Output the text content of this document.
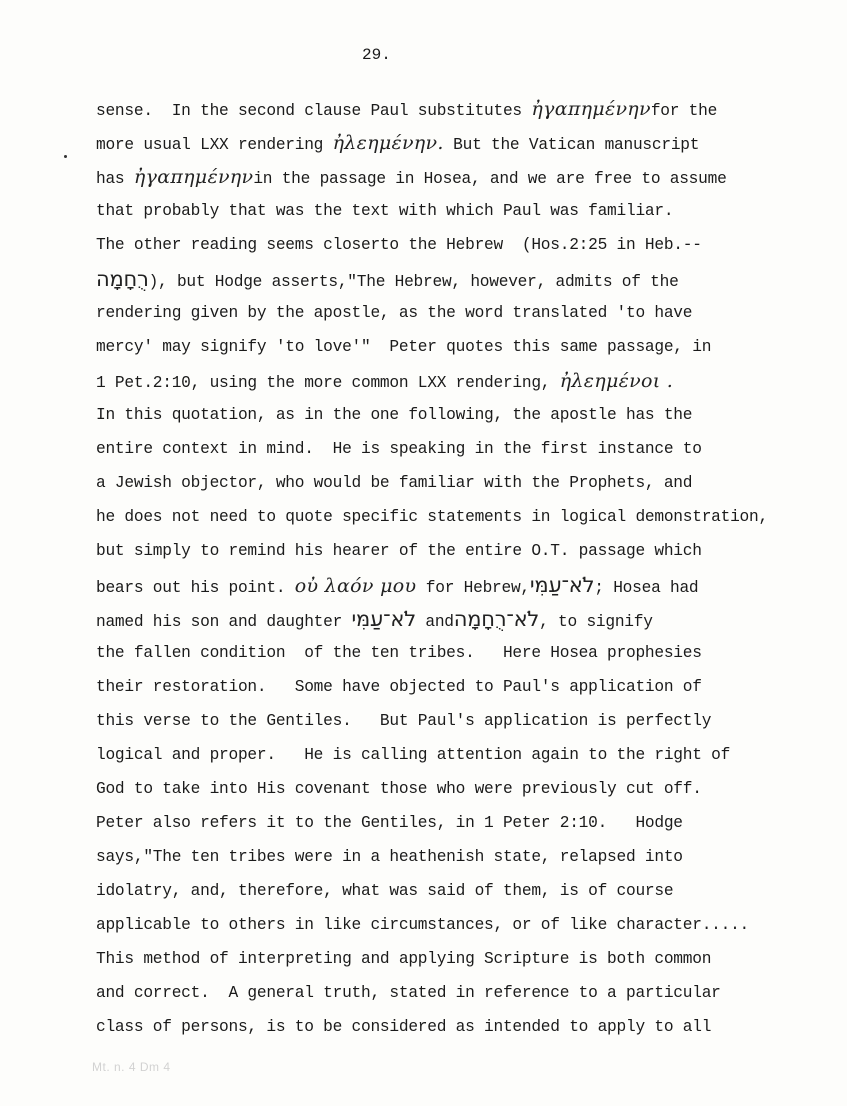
29.
sense.  In the second clause Paul substitutes ἠγαπημένηνfor the
more usual LXX rendering ἠλεημένην. But the Vatican manuscript
has ἠγαπημένηνin the passage in Hosea, and we are free to assume
that probably that was the text with which Paul was familiar.
The other reading seems closerto the Hebrew  (Hos.2:25 in Heb.--
רֻחָמָה), but Hodge asserts,"The Hebrew, however, admits of the
rendering given by the apostle, as the word translated 'to have
mercy' may signify 'to love'"  Peter quotes this same passage, in
1 Pet.2:10, using the more common LXX rendering, ἠλεημένοι .
In this quotation, as in the one following, the apostle has the
entire context in mind.  He is speaking in the first instance to
a Jewish objector, who would be familiar with the Prophets, and
he does not need to quote specific statements in logical demonstration,
but simply to remind his hearer of the entire O.T. passage which
bears out his point. οὐ λαόν μου for Hebrew,לֹא־עַמִּי; Hosea had
named his son and daughter לֹא־עַמִּי andלֹא־רֻחָמָה, to signify
the fallen condition  of the ten tribes.   Here Hosea prophesies
their restoration.   Some have objected to Paul's application of
this verse to the Gentiles.   But Paul's application is perfectly
logical and proper.   He is calling attention again to the right of
God to take into His covenant those who were previously cut off.
Peter also refers it to the Gentiles, in 1 Peter 2:10.   Hodge
says,"The ten tribes were in a heathenish state, relapsed into
idolatry, and, therefore, what was said of them, is of course
applicable to others in like circumstances, or of like character.....
This method of interpreting and applying Scripture is both common
and correct.  A general truth, stated in reference to a particular
class of persons, is to be considered as intended to apply to all
Mt. n. 4 Dm 4
